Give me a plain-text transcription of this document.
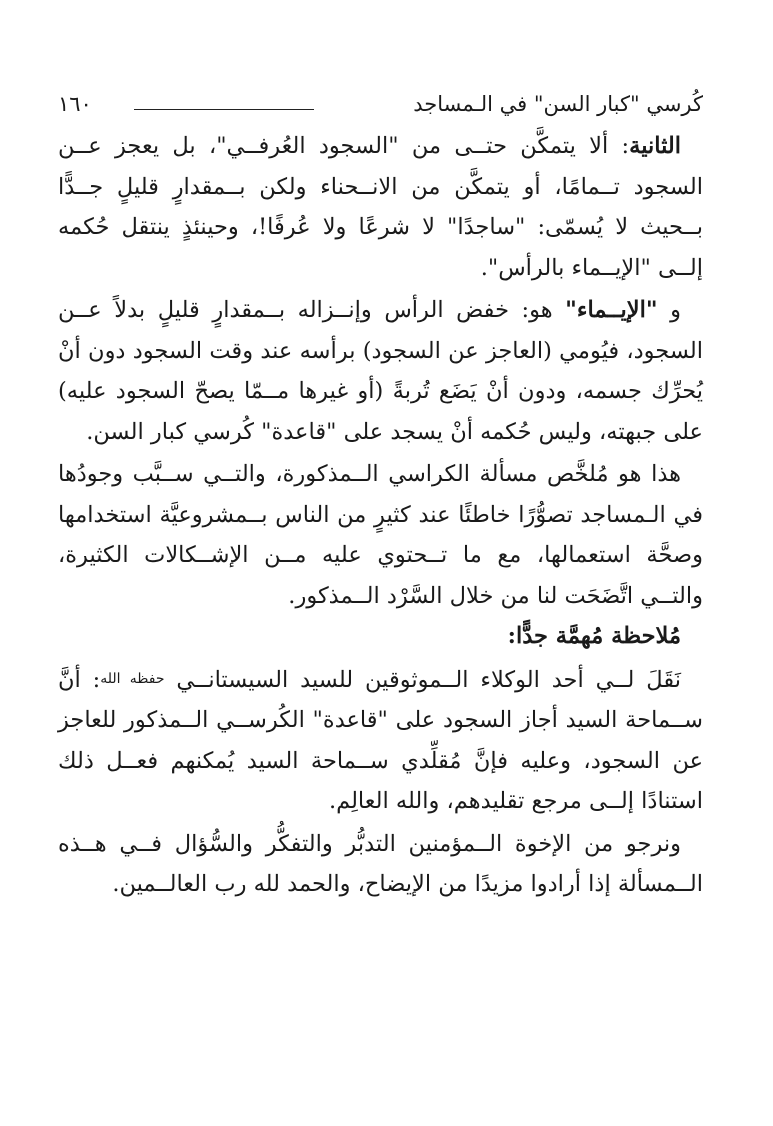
كُرسي "كبار السن" في الـمساجد
١٦٠

الثانية: ألا يتمكَّن حتــى من "السجود العُرفــي"، بل يعجز عــن السجود تــمامًا، أو يتمكَّن من الانــحناء ولكن بــمقدارٍ قليلٍ جــدًّا بــحيث لا يُسمّى: "ساجدًا" لا شرعًا ولا عُرفًا!، وحينئذٍ ينتقل حُكمه إلــى "الإيــماء بالرأس".

و "الإيــماء" هو: خفض الرأس وإنــزاله بــمقدارٍ قليلٍ بدلاً عــن السجود، فيُومي (العاجز عن السجود) برأسه عند وقت السجود دون أنْ يُحرِّك جسمه، ودون أنْ يَضَع تُربةً (أو غيرها مــمّا يصحّ السجود عليه) على جبهته، وليس حُكمه أنْ يسجد على "قاعدة" كُرسي كبار السن.

هذا هو مُلخَّص مسألة الكراسي الــمذكورة، والتــي ســبَّب وجودُها في الـمساجد تصوُّرًا خاطئًا عند كثيرٍ من الناس بــمشروعيَّة استخدامها وصحَّة استعمالها، مع ما تــحتوي عليه مــن الإشــكالات الكثيرة، والتــي اتَّضَحَت لنا من خلال السَّرْد الــمذكور.

مُلاحظة مُهمَّة جدًّا:

نَقَلَ لــي أحد الوكلاء الــموثوقين للسيد السيستانــي حفظه الله: أنَّ ســماحة السيد أجاز السجود على "قاعدة" الكُرســي الــمذكور للعاجز عن السجود، وعليه فإنَّ مُقلِّدي ســماحة السيد يُمكنهم فعــل ذلك استنادًا إلــى مرجع تقليدهم، والله العالِم.

ونرجو من الإخوة الــمؤمنين التدبُّر والتفكُّر والسُّؤال فــي هــذه الــمسألة إذا أرادوا مزيدًا من الإيضاح، والحمد لله رب العالــمين.
